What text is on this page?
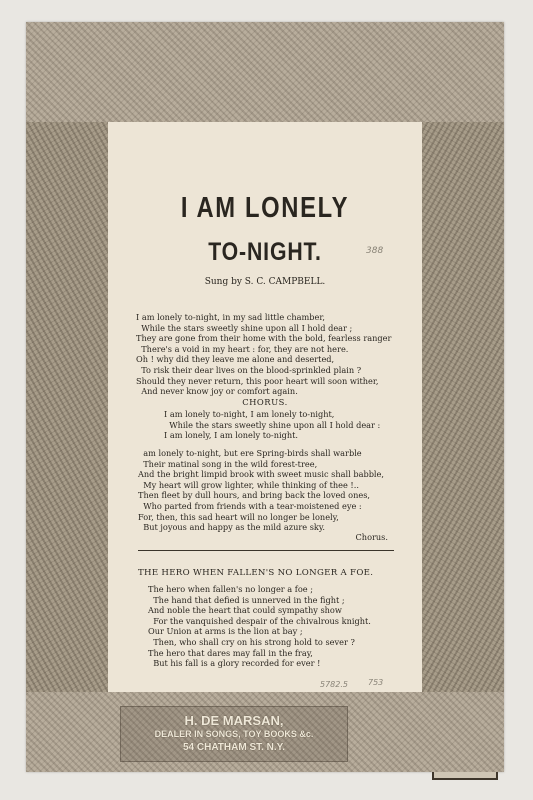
I AM LONELY
TO-NIGHT.
Sung by S. C. CAMPBELL.
388
I am lonely to-night, in my sad little chamber,
While the stars sweetly shine upon all I hold dear ;
They are gone from their home with the bold, fearless ranger
There's a void in my heart : for, they are not here.
Oh ! why did they leave me alone and deserted,
To risk their dear lives on the blood-sprinkled plain ?
Should they never return, this poor heart will soon wither,
And never know joy or comfort again.
CHORUS.
I am lonely to-night, I am lonely to-night,
While the stars sweetly shine upon all I hold dear :
I am lonely, I am lonely to-night.
am lonely to-night, but ere Spring-birds shall warble
Their matinal song in the wild forest-tree,
And the bright limpid brook with sweet music shall babble,
My heart will grow lighter, while thinking of thee !..
Then fleet by dull hours, and bring back the loved ones,
Who parted from friends with a tear-moistened eye :
For, then, this sad heart will no longer be lonely,
But joyous and happy as the mild azure sky.
Chorus.
THE HERO WHEN FALLEN'S NO LONGER A FOE.
The hero when fallen's no longer a foe ;
The hand that defied is unnerved in the fight ;
And noble the heart that could sympathy show
For the vanquished despair of the chivalrous knight.
Our Union at arms is the lion at bay ;
Then, who shall cry on his strong hold to sever ?
The hero that dares may fall in the fray,
But his fall is a glory recorded for ever !
5782.5	753
H. DE MARSAN,
DEALER IN SONGS, TOY BOOKS &c.
54 CHATHAM ST. N.Y.
